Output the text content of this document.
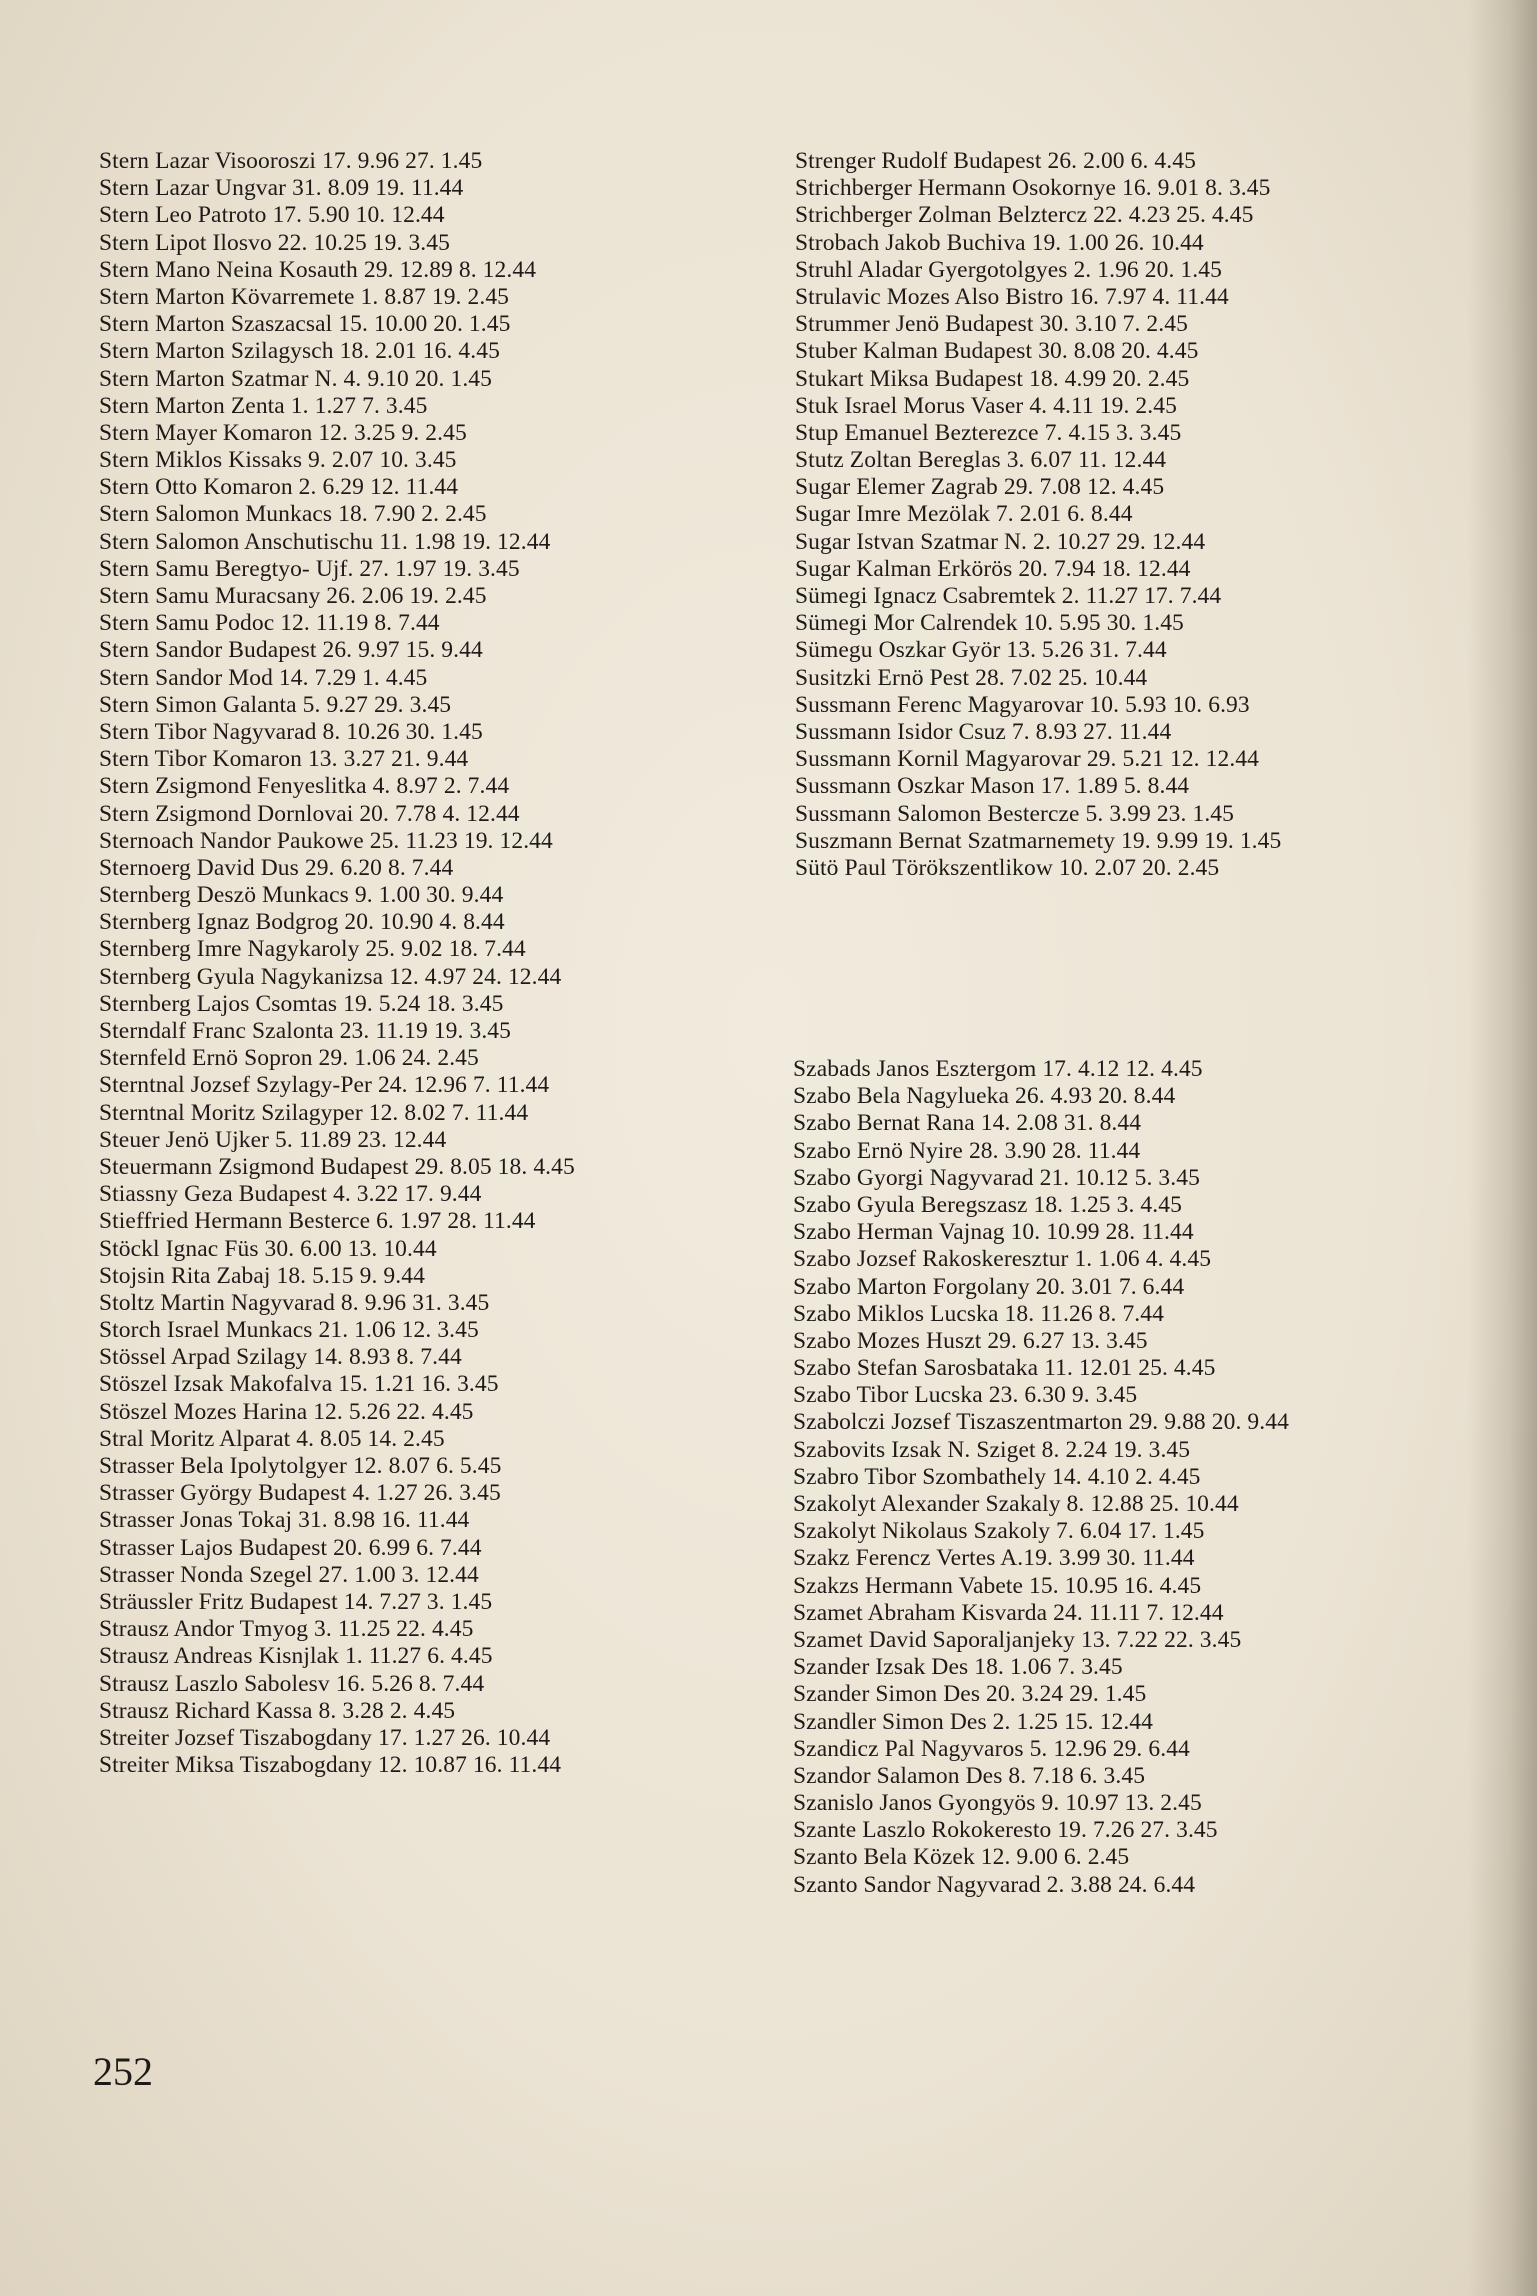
Stern Lazar Visooroszi 17. 9.96 27. 1.45
Stern Lazar Ungvar 31. 8.09 19. 11.44
Stern Leo Patroto 17. 5.90 10. 12.44
Stern Lipot Ilosvo 22. 10.25 19. 3.45
Stern Mano Neina Kosauth 29. 12.89 8. 12.44
Stern Marton Kövarremete 1. 8.87 19. 2.45
Stern Marton Szaszacsal 15. 10.00 20. 1.45
Stern Marton Szilagysch 18. 2.01 16. 4.45
Stern Marton Szatmar N. 4. 9.10 20. 1.45
Stern Marton Zenta 1. 1.27 7. 3.45
Stern Mayer Komaron 12. 3.25 9. 2.45
Stern Miklos Kissaks 9. 2.07 10. 3.45
Stern Otto Komaron 2. 6.29 12. 11.44
Stern Salomon Munkacs 18. 7.90 2. 2.45
Stern Salomon Anschutischu 11. 1.98 19. 12.44
Stern Samu Beregtyo- Ujf. 27. 1.97 19. 3.45
Stern Samu Muracsany 26. 2.06 19. 2.45
Stern Samu Podoc 12. 11.19 8. 7.44
Stern Sandor Budapest 26. 9.97 15. 9.44
Stern Sandor Mod 14. 7.29 1. 4.45
Stern Simon Galanta 5. 9.27 29. 3.45
Stern Tibor Nagyvarad 8. 10.26 30. 1.45
Stern Tibor Komaron 13. 3.27 21. 9.44
Stern Zsigmond Fenyeslitka 4. 8.97 2. 7.44
Stern Zsigmond Dornlovai 20. 7.78 4. 12.44
Sternoach Nandor Paukowe 25. 11.23 19. 12.44
Sternoerg David Dus 29. 6.20 8. 7.44
Sternberg Deszö Munkacs 9. 1.00 30. 9.44
Sternberg Ignaz Bodgrog 20. 10.90 4. 8.44
Sternberg Imre Nagykaroly 25. 9.02 18. 7.44
Sternberg Gyula Nagykanizsa 12. 4.97 24. 12.44
Sternberg Lajos Csomtas 19. 5.24 18. 3.45
Sterndalf Franc Szalonta 23. 11.19 19. 3.45
Sternfeld Ernö Sopron 29. 1.06 24. 2.45
Sterntnal Jozsef Szylagy-Per 24. 12.96 7. 11.44
Sterntnal Moritz Szilagyper 12. 8.02 7. 11.44
Steuer Jenö Ujker 5. 11.89 23. 12.44
Steuermann Zsigmond Budapest 29. 8.05 18. 4.45
Stiassny Geza Budapest 4. 3.22 17. 9.44
Stieffried Hermann Besterce 6. 1.97 28. 11.44
Stöckl Ignac Füs 30. 6.00 13. 10.44
Stojsin Rita Zabaj 18. 5.15 9. 9.44
Stoltz Martin Nagyvarad 8. 9.96 31. 3.45
Storch Israel Munkacs 21. 1.06 12. 3.45
Stössel Arpad Szilagy 14. 8.93 8. 7.44
Stöszel Izsak Makofalva 15. 1.21 16. 3.45
Stöszel Mozes Harina 12. 5.26 22. 4.45
Stral Moritz Alparat 4. 8.05 14. 2.45
Strasser Bela Ipolytolgyer 12. 8.07 6. 5.45
Strasser György Budapest 4. 1.27 26. 3.45
Strasser Jonas Tokaj 31. 8.98 16. 11.44
Strasser Lajos Budapest 20. 6.99 6. 7.44
Strasser Nonda Szegel 27. 1.00 3. 12.44
Sträussler Fritz Budapest 14. 7.27 3. 1.45
Strausz Andor Tmyog 3. 11.25 22. 4.45
Strausz Andreas Kisnjlak 1. 11.27 6. 4.45
Strausz Laszlo Sabolesv 16. 5.26 8. 7.44
Strausz Richard Kassa 8. 3.28 2. 4.45
Streiter Jozsef Tiszabogdany 17. 1.27 26. 10.44
Streiter Miksa Tiszabogdany 12. 10.87 16. 11.44
Strenger Rudolf Budapest 26. 2.00 6. 4.45
Strichberger Hermann Osokornye 16. 9.01 8. 3.45
Strichberger Zolman Belztercz 22. 4.23 25. 4.45
Strobach Jakob Buchiva 19. 1.00 26. 10.44
Struhl Aladar Gyergotolgyes 2. 1.96 20. 1.45
Strulavic Mozes Also Bistro 16. 7.97 4. 11.44
Strummer Jenö Budapest 30. 3.10 7. 2.45
Stuber Kalman Budapest 30. 8.08 20. 4.45
Stukart Miksa Budapest 18. 4.99 20. 2.45
Stuk Israel Morus Vaser 4. 4.11 19. 2.45
Stup Emanuel Bezterezce 7. 4.15 3. 3.45
Stutz Zoltan Bereglas 3. 6.07 11. 12.44
Sugar Elemer Zagrab 29. 7.08 12. 4.45
Sugar Imre Mezölak 7. 2.01 6. 8.44
Sugar Istvan Szatmar N. 2. 10.27 29. 12.44
Sugar Kalman Erkörös 20. 7.94 18. 12.44
Sümegi Ignacz Csabremtek 2. 11.27 17. 7.44
Sümegi Mor Calrendek 10. 5.95 30. 1.45
Sümegu Oszkar Györ 13. 5.26 31. 7.44
Susitzki Ernö Pest 28. 7.02 25. 10.44
Sussmann Ferenc Magyarovar 10. 5.93 10. 6.93
Sussmann Isidor Csuz 7. 8.93 27. 11.44
Sussmann Kornil Magyarovar 29. 5.21 12. 12.44
Sussmann Oszkar Mason 17. 1.89 5. 8.44
Sussmann Salomon Bestercze 5. 3.99 23. 1.45
Suszmann Bernat Szatmarnemety 19. 9.99 19. 1.45
Sütö Paul Törökszentlikow 10. 2.07 20. 2.45
Szabads Janos Esztergom 17. 4.12 12. 4.45
Szabo Bela Nagylueka 26. 4.93 20. 8.44
Szabo Bernat Rana 14. 2.08 31. 8.44
Szabo Ernö Nyire 28. 3.90 28. 11.44
Szabo Gyorgi Nagyvarad 21. 10.12 5. 3.45
Szabo Gyula Beregszasz 18. 1.25 3. 4.45
Szabo Herman Vajnag 10. 10.99 28. 11.44
Szabo Jozsef Rakoskeresztur 1. 1.06 4. 4.45
Szabo Marton Forgolany 20. 3.01 7. 6.44
Szabo Miklos Lucska 18. 11.26 8. 7.44
Szabo Mozes Huszt 29. 6.27 13. 3.45
Szabo Stefan Sarosbataka 11. 12.01 25. 4.45
Szabo Tibor Lucska 23. 6.30 9. 3.45
Szabolczi Jozsef Tiszaszentmarton 29. 9.88 20. 9.44
Szabovits Izsak N. Sziget 8. 2.24 19. 3.45
Szabro Tibor Szombathely 14. 4.10 2. 4.45
Szakolyt Alexander Szakaly 8. 12.88 25. 10.44
Szakolyt Nikolaus Szakoly 7. 6.04 17. 1.45
Szakz Ferencz Vertes A.19. 3.99 30. 11.44
Szakzs Hermann Vabete 15. 10.95 16. 4.45
Szamet Abraham Kisvarda 24. 11.11 7. 12.44
Szamet David Saporaljanjeky 13. 7.22 22. 3.45
Szander Izsak Des 18. 1.06 7. 3.45
Szander Simon Des 20. 3.24 29. 1.45
Szandler Simon Des 2. 1.25 15. 12.44
Szandicz Pal Nagyvaros 5. 12.96 29. 6.44
Szandor Salamon Des 8. 7.18 6. 3.45
Szanislo Janos Gyongyös 9. 10.97 13. 2.45
Szante Laszlo Rokokeresto 19. 7.26 27. 3.45
Szanto Bela Közek 12. 9.00 6. 2.45
Szanto Sandor Nagyvarad 2. 3.88 24. 6.44
252
